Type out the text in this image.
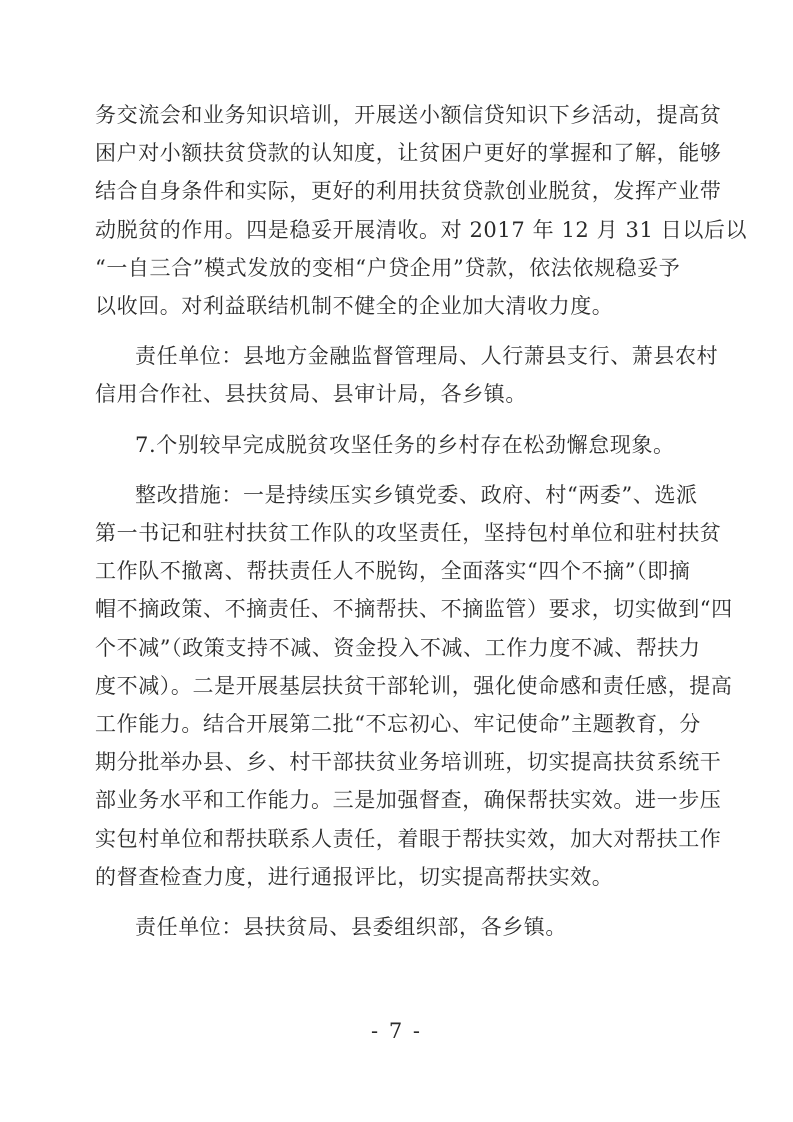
务交流会和业务知识培训，开展送小额信贷知识下乡活动，提高贫
困户对小额扶贫贷款的认知度，让贫困户更好的掌握和了解，能够
结合自身条件和实际，更好的利用扶贫贷款创业脱贫，发挥产业带
动脱贫的作用。四是稳妥开展清收。对 2017 年 12 月 31 日以后以
“一自三合”模式发放的变相“户贷企用”贷款，依法依规稳妥予
以收回。对利益联结机制不健全的企业加大清收力度。
责任单位：县地方金融监督管理局、人行萧县支行、萧县农村
信用合作社、县扶贫局、县审计局，各乡镇。
7.个别较早完成脱贫攻坚任务的乡村存在松劲懈怠现象。
整改措施：一是持续压实乡镇党委、政府、村“两委”、选派
第一书记和驻村扶贫工作队的攻坚责任，坚持包村单位和驻村扶贫
工作队不撤离、帮扶责任人不脱钩，全面落实“四个不摘”（即摘
帽不摘政策、不摘责任、不摘帮扶、不摘监管）要求，切实做到“四
个不减”（政策支持不减、资金投入不减、工作力度不减、帮扶力
度不减）。二是开展基层扶贫干部轮训，强化使命感和责任感，提高
工作能力。结合开展第二批“不忘初心、牢记使命”主题教育，分
期分批举办县、乡、村干部扶贫业务培训班，切实提高扶贫系统干
部业务水平和工作能力。三是加强督查，确保帮扶实效。进一步压
实包村单位和帮扶联系人责任，着眼于帮扶实效，加大对帮扶工作
的督查检查力度，进行通报评比，切实提高帮扶实效。
责任单位：县扶贫局、县委组织部，各乡镇。
- 7 -
